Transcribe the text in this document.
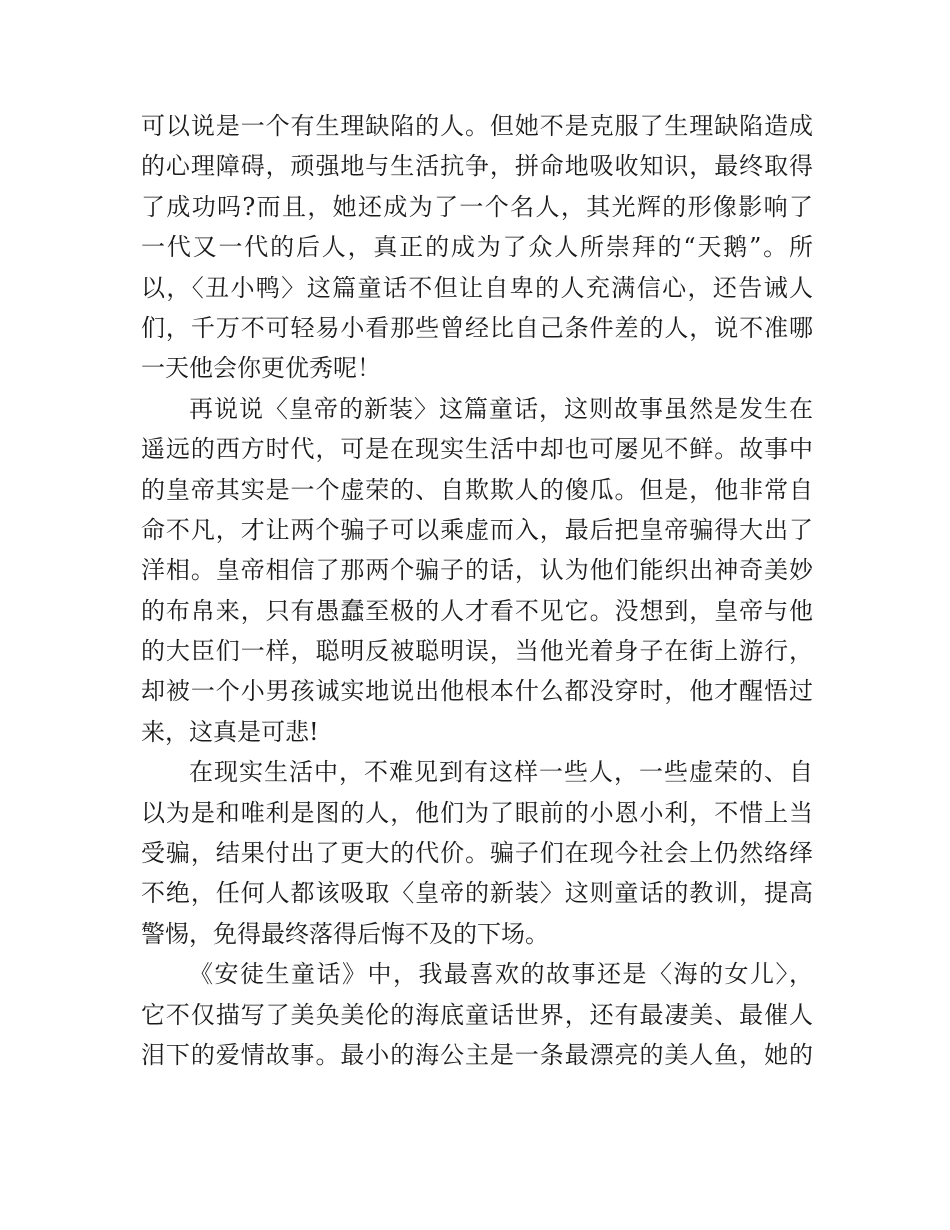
可以说是一个有生理缺陷的人。但她不是克服了生理缺陷造成
的心理障碍，顽强地与生活抗争，拼命地吸收知识，最终取得
了成功吗?而且，她还成为了一个名人，其光辉的形像影响了
一代又一代的后人，真正的成为了众人所崇拜的“天鹅”。所
以，〈丑小鸭〉这篇童话不但让自卑的人充满信心，还告诫人
们，千万不可轻易小看那些曾经比自己条件差的人，说不准哪
一天他会你更优秀呢！
再说说〈皇帝的新装〉这篇童话，这则故事虽然是发生在
遥远的西方时代，可是在现实生活中却也可屡见不鲜。故事中
的皇帝其实是一个虚荣的、自欺欺人的傻瓜。但是，他非常自
命不凡，才让两个骗子可以乘虚而入，最后把皇帝骗得大出了
洋相。皇帝相信了那两个骗子的话，认为他们能织出神奇美妙
的布帛来，只有愚蠢至极的人才看不见它。没想到，皇帝与他
的大臣们一样，聪明反被聪明误，当他光着身子在街上游行，
却被一个小男孩诚实地说出他根本什么都没穿时，他才醒悟过
来，这真是可悲!
在现实生活中，不难见到有这样一些人，一些虚荣的、自
以为是和唯利是图的人，他们为了眼前的小恩小利，不惜上当
受骗，结果付出了更大的代价。骗子们在现今社会上仍然络绎
不绝，任何人都该吸取〈皇帝的新装〉这则童话的教训，提高
警惕，免得最终落得后悔不及的下场。
《安徒生童话》中，我最喜欢的故事还是〈海的女儿〉，
它不仅描写了美奂美伦的海底童话世界，还有最凄美、最催人
泪下的爱情故事。最小的海公主是一条最漂亮的美人鱼，她的
